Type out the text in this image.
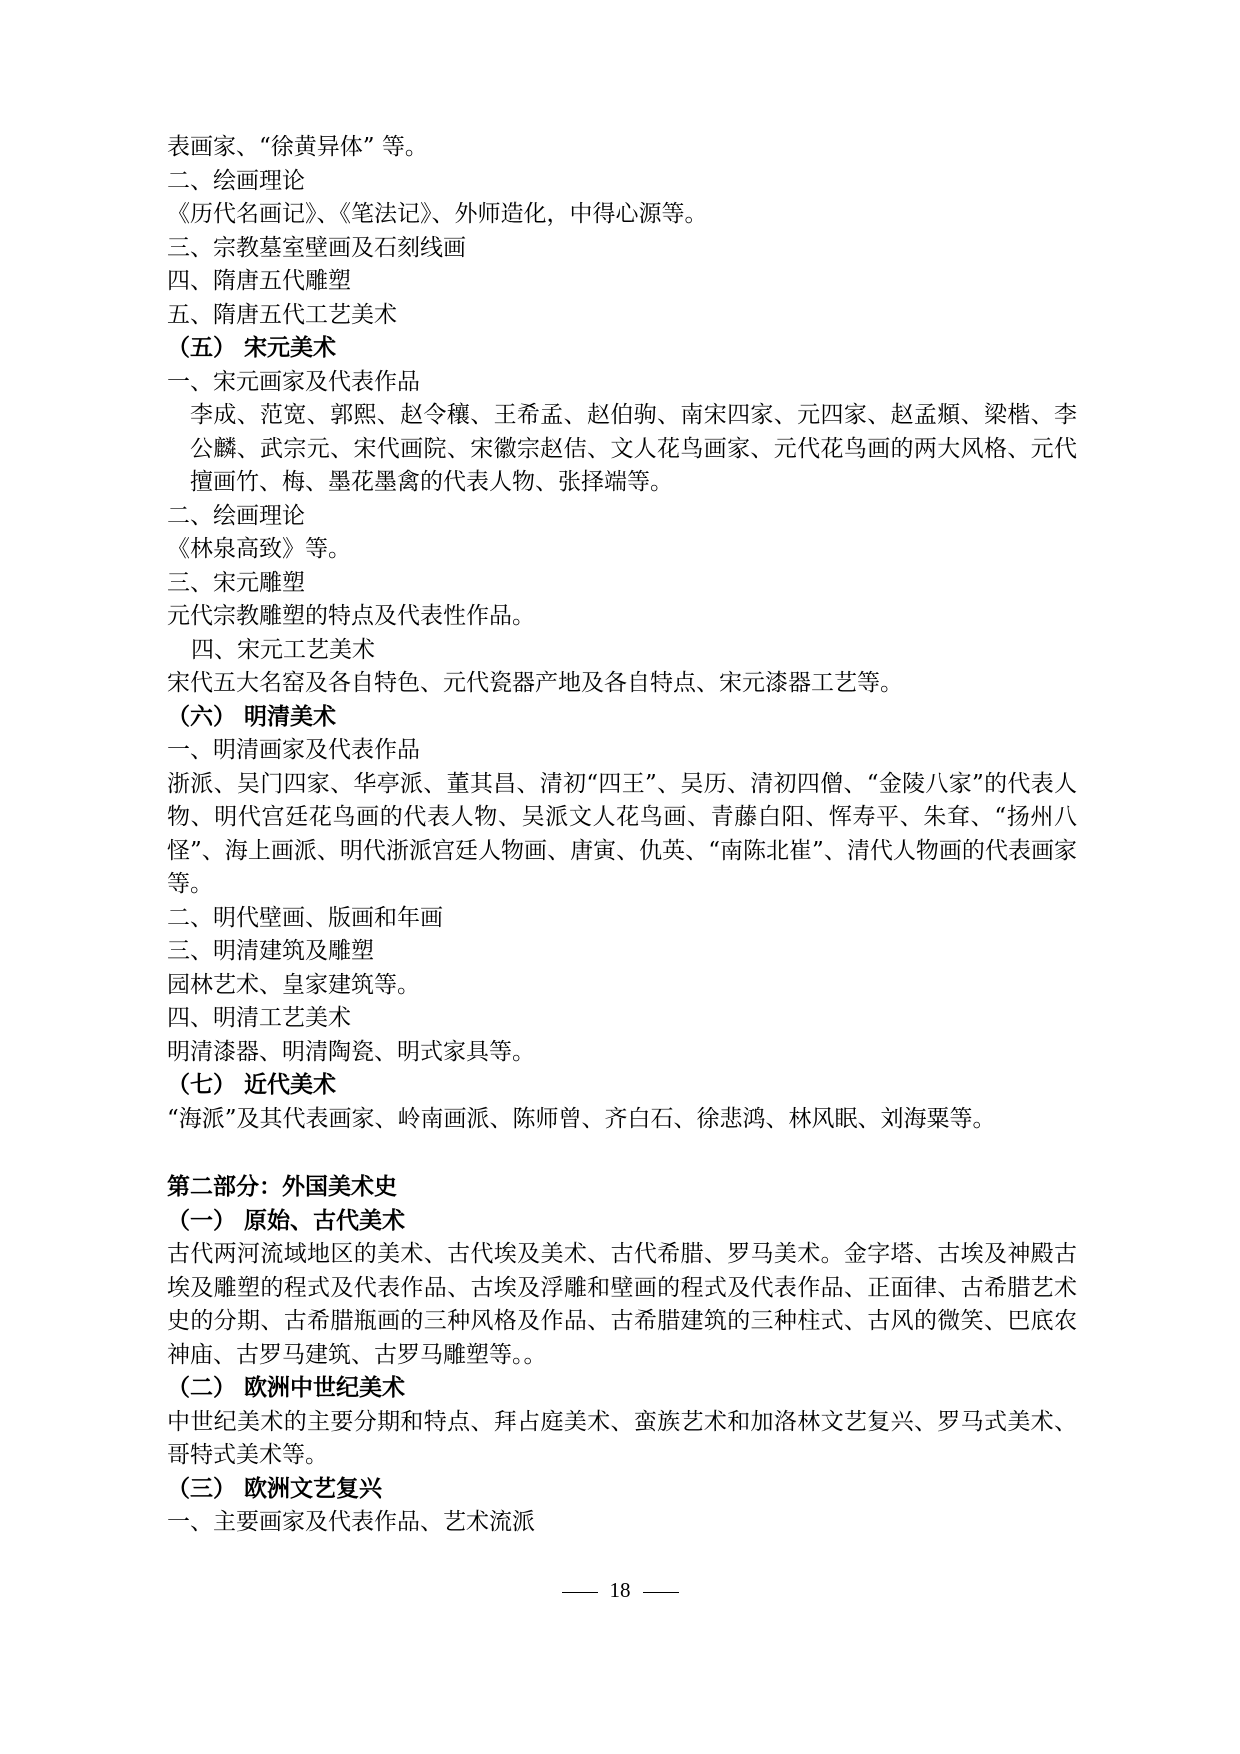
表画家、“徐黄异体” 等。
二、绘画理论
《历代名画记》、《笔法记》、外师造化，中得心源等。
三、宗教墓室壁画及石刻线画
四、隋唐五代雕塑
五、隋唐五代工艺美术
（五） 宋元美术
一、宋元画家及代表作品
李成、范宽、郭熙、赵令穰、王希孟、赵伯驹、南宋四家、元四家、赵孟頫、梁楷、李公麟、武宗元、宋代画院、宋徽宗赵佶、文人花鸟画家、元代花鸟画的两大风格、元代擅画竹、梅、墨花墨禽的代表人物、张择端等。
二、绘画理论
《林泉高致》等。
三、宋元雕塑
元代宗教雕塑的特点及代表性作品。
四、宋元工艺美术
宋代五大名窑及各自特色、元代瓷器产地及各自特点、宋元漆器工艺等。
（六） 明清美术
一、明清画家及代表作品
浙派、吴门四家、华亭派、董其昌、清初“四王”、吴历、清初四僧、“金陵八家”的代表人物、明代宫廷花鸟画的代表人物、吴派文人花鸟画、青藤白阳、恽寿平、朱耷、“扬州八怪”、海上画派、明代浙派宫廷人物画、唐寅、仇英、“南陈北崔”、清代人物画的代表画家等。
二、明代壁画、版画和年画
三、明清建筑及雕塑
园林艺术、皇家建筑等。
四、明清工艺美术
明清漆器、明清陶瓷、明式家具等。
（七） 近代美术
“海派”及其代表画家、岭南画派、陈师曾、齐白石、徐悲鸿、林风眠、刘海粟等。
第二部分：外国美术史
（一） 原始、古代美术
古代两河流域地区的美术、古代埃及美术、古代希腊、罗马美术。金字塔、古埃及神殿古埃及雕塑的程式及代表作品、古埃及浮雕和壁画的程式及代表作品、正面律、古希腊艺术史的分期、古希腊瓶画的三种风格及作品、古希腊建筑的三种柱式、古风的微笑、巴底农神庙、古罗马建筑、古罗马雕塑等。。
（二） 欧洲中世纪美术
中世纪美术的主要分期和特点、拜占庭美术、蛮族艺术和加洛林文艺复兴、罗马式美术、哥特式美术等。
（三） 欧洲文艺复兴
一、主要画家及代表作品、艺术流派
18
